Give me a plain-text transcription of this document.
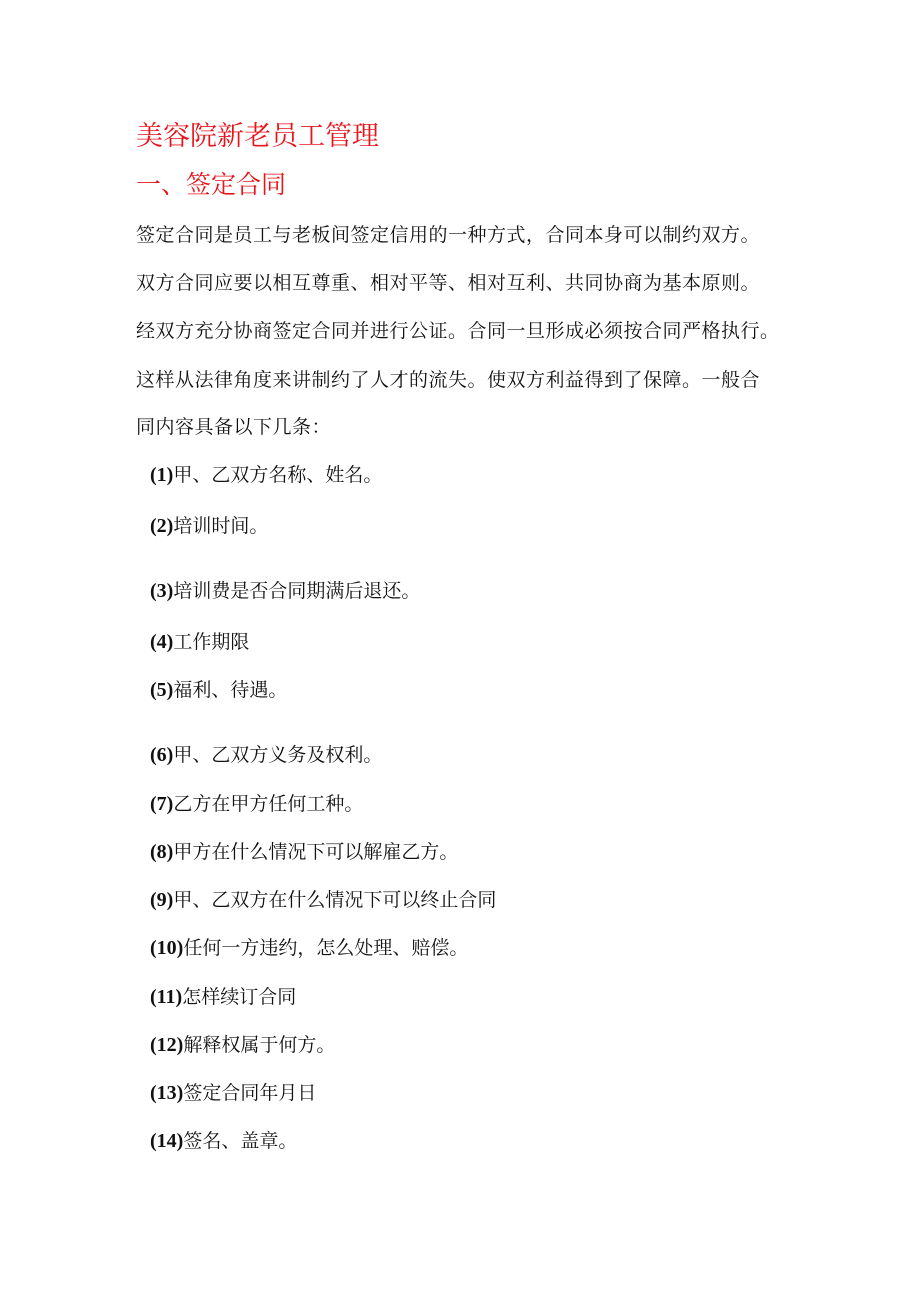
美容院新老员工管理
一、签定合同

签定合同是员工与老板间签定信用的一种方式，合同本身可以制约双方。

双方合同应要以相互尊重、相对平等、相对互利、共同协商为基本原则。

经双方充分协商签定合同并进行公证。合同一旦形成必须按合同严格执行。

这样从法律角度来讲制约了人才的流失。使双方利益得到了保障。一般合

同内容具备以下几条：

(1)甲、乙双方名称、姓名。

(2)培训时间。

(3)培训费是否合同期满后退还。

(4)工作期限

(5)福利、待遇。

(6)甲、乙双方义务及权利。

(7)乙方在甲方任何工种。

(8)甲方在什么情况下可以解雇乙方。

(9)甲、乙双方在什么情况下可以终止合同

(10)任何一方违约，怎么处理、赔偿。

(11)怎样续订合同

(12)解释权属于何方。

(13)签定合同年月日

(14)签名、盖章。
